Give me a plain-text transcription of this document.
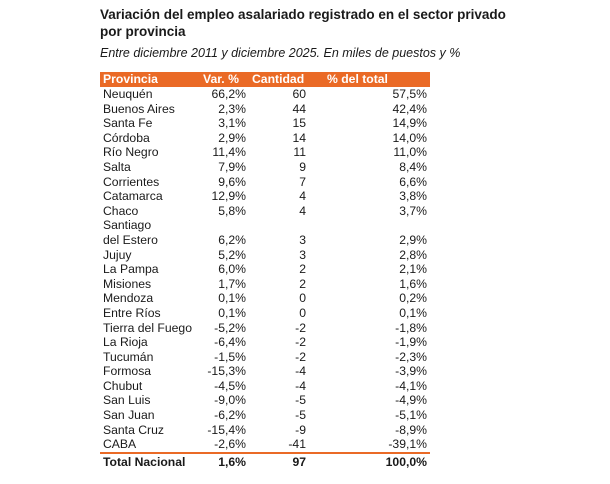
Variación del empleo asalariado registrado en el sector privado por provincia
Entre diciembre 2011 y diciembre 2025. En miles de puestos y %
Provincia	Var. %	Cantidad	% del total
Neuquén	66,2%	60	57,5%
Buenos Aires	2,3%	44	42,4%
Santa Fe	3,1%	15	14,9%
Córdoba	2,9%	14	14,0%
Río Negro	11,4%	11	11,0%
Salta	7,9%	9	8,4%
Corrientes	9,6%	7	6,6%
Catamarca	12,9%	4	3,8%
Chaco	5,8%	4	3,7%
Santiago
del Estero	6,2%	3	2,9%
Jujuy	5,2%	3	2,8%
La Pampa	6,0%	2	2,1%
Misiones	1,7%	2	1,6%
Mendoza	0,1%	0	0,2%
Entre Ríos	0,1%	0	0,1%
Tierra del Fuego	-5,2%	-2	-1,8%
La Rioja	-6,4%	-2	-1,9%
Tucumán	-1,5%	-2	-2,3%
Formosa	-15,3%	-4	-3,9%
Chubut	-4,5%	-4	-4,1%
San Luis	-9,0%	-5	-4,9%
San Juan	-6,2%	-5	-5,1%
Santa Cruz	-15,4%	-9	-8,9%
CABA	-2,6%	-41	-39,1%
Total Nacional	1,6%	97	100,0%
